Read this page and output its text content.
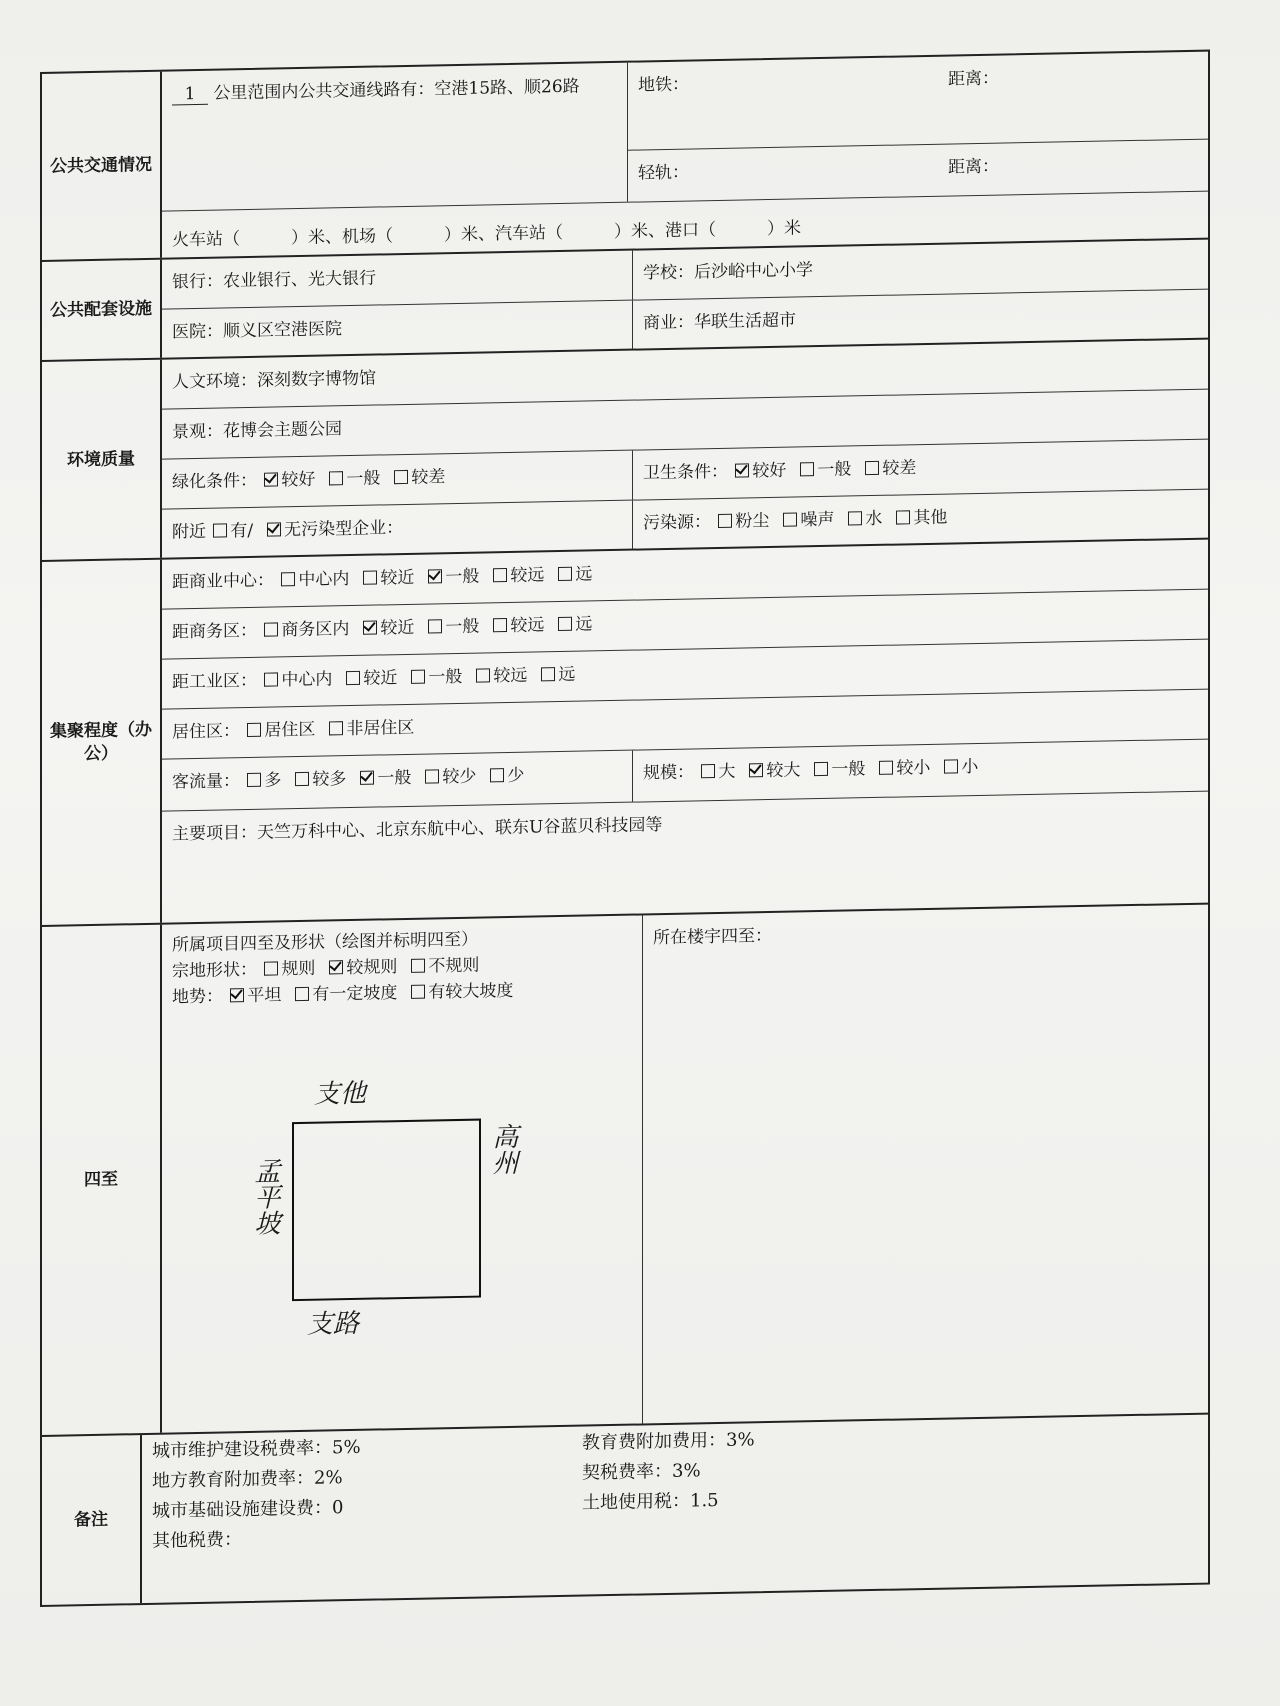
公共交通情况
1 公里范围内公共交通线路有：空港15路、顺26路	地铁：	距离：
轻轨：	距离：
火车站（　　　）米、机场（　　　）米、汽车站（　　　）米、港口（　　　）米
公共配套设施
银行：农业银行、光大银行	学校：后沙峪中心小学
医院：顺义区空港医院	商业：华联生活超市
环境质量
人文环境：深刻数字博物馆
景观：花博会主题公园
绿化条件： 较好 一般 较差	卫生条件： 较好 一般 较差
附近 有/ 无污染型企业：	污染源： 粉尘 噪声 水 其他
集聚程度（办公）
距商业中心： 中心内 较近 一般 较远 远
距商务区： 商务区内 较近 一般 较远 远
距工业区： 中心内 较近 一般 较远 远
居住区： 居住区 非居住区
客流量： 多 较多 一般 较少 少	规模： 大 较大 一般 较小 小
主要项目：天竺万科中心、北京东航中心、联东U谷蓝贝科技园等
四至
所属项目四至及形状（绘图并标明四至）
宗地形状： 规则 较规则 不规则
地势： 平坦 有一定坡度 有较大坡度
支他
高州
孟平坡
支路
所在楼宇四至：
备注
城市维护建设税费率：5%
地方教育附加费率：2%
城市基础设施建设费：0
其他税费：
教育费附加费用：3%
契税费率：3%
土地使用税：1.5
